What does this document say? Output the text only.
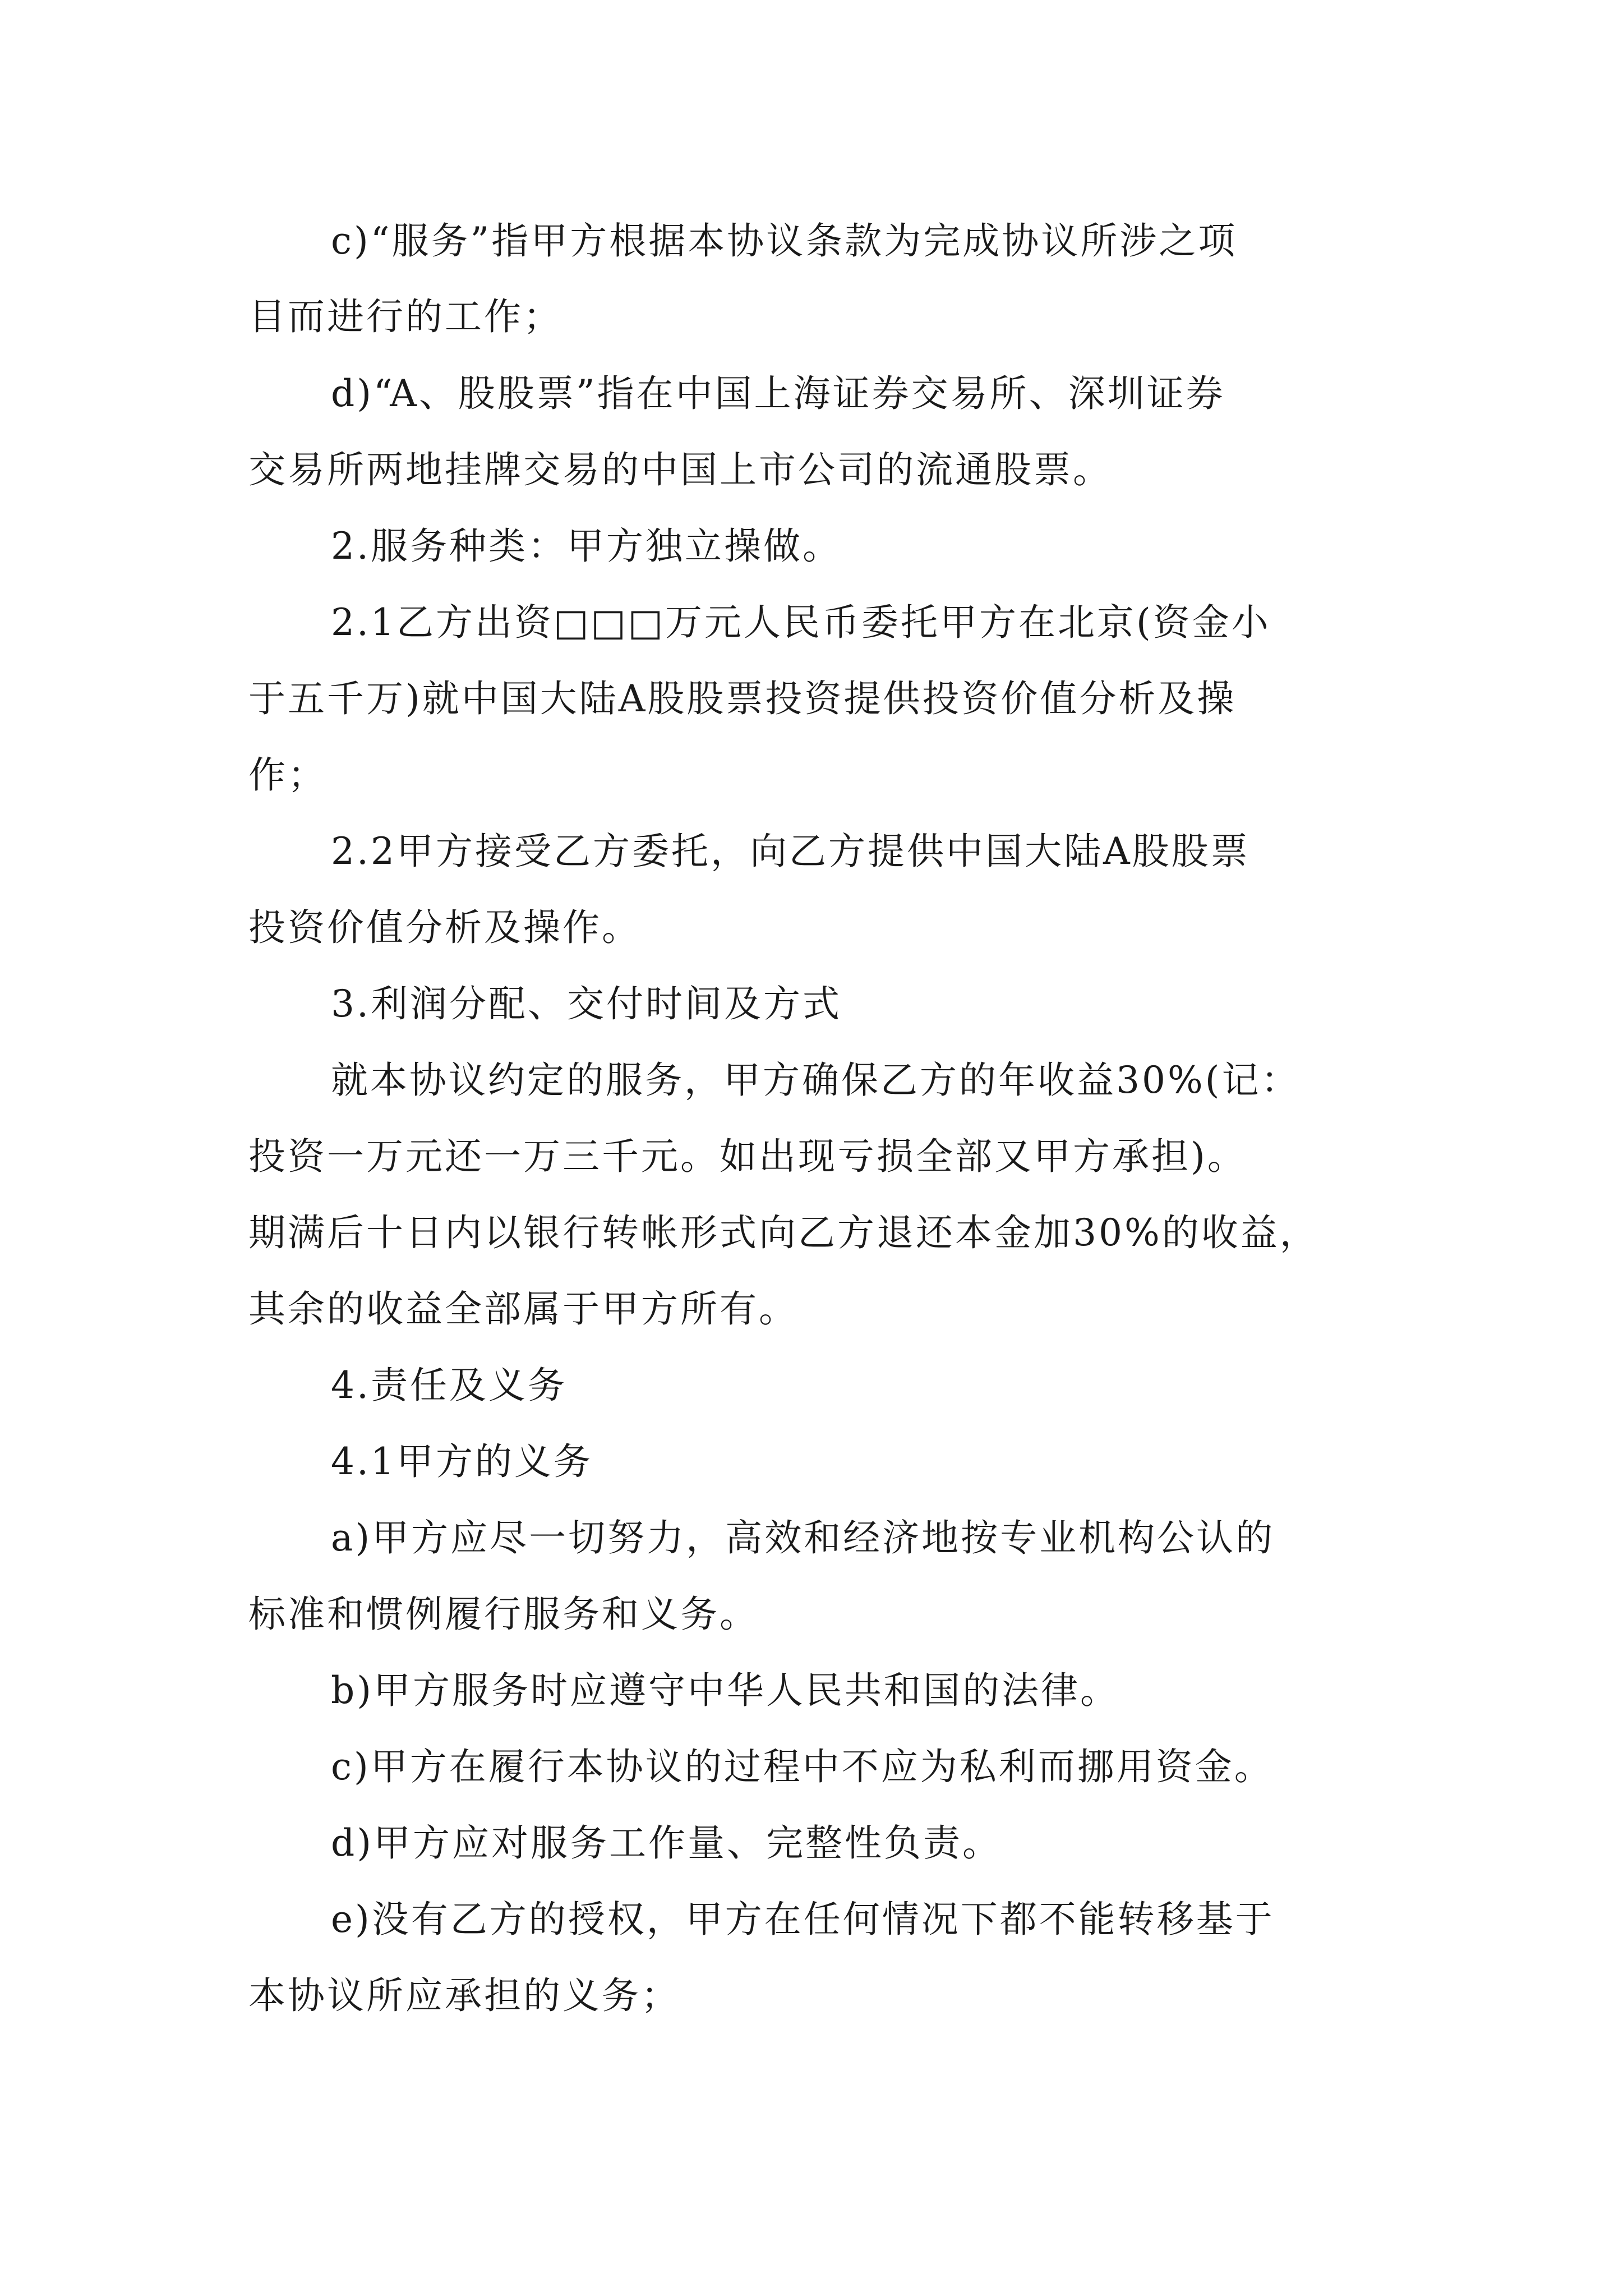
c)“服务”指甲方根据本协议条款为完成协议所涉之项
目而进行的工作；
d)“A、股股票”指在中国上海证券交易所、深圳证券
交易所两地挂牌交易的中国上市公司的流通股票。
2.服务种类：甲方独立操做。
2.1乙方出资□□□万元人民币委托甲方在北京(资金小
于五千万)就中国大陆A股股票投资提供投资价值分析及操
作；
2.2甲方接受乙方委托，向乙方提供中国大陆A股股票
投资价值分析及操作。
3.利润分配、交付时间及方式
就本协议约定的服务，甲方确保乙方的年收益30%(记：
投资一万元还一万三千元。如出现亏损全部又甲方承担)。
期满后十日内以银行转帐形式向乙方退还本金加30%的收益，
其余的收益全部属于甲方所有。
4.责任及义务
4.1甲方的义务
a)甲方应尽一切努力，高效和经济地按专业机构公认的
标准和惯例履行服务和义务。
b)甲方服务时应遵守中华人民共和国的法律。
c)甲方在履行本协议的过程中不应为私利而挪用资金。
d)甲方应对服务工作量、完整性负责。
e)没有乙方的授权，甲方在任何情况下都不能转移基于
本协议所应承担的义务；
